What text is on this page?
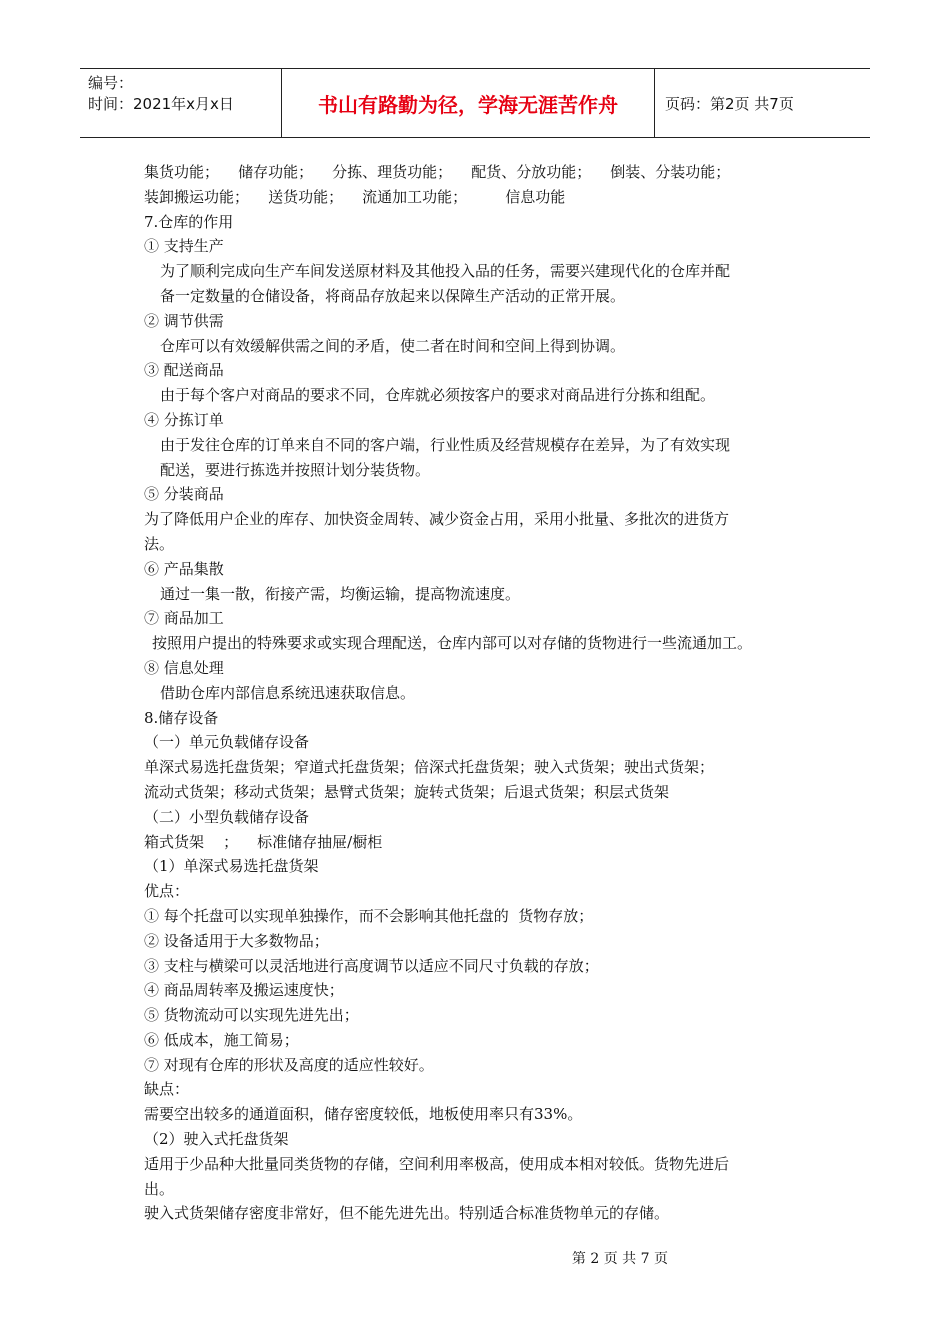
编号：
时间：2021年x月x日	书山有路勤为径，学海无涯苦作舟	页码：第2页 共7页
集货功能；    储存功能；    分拣、理货功能；    配货、分放功能；    倒装、分装功能；
装卸搬运功能；    送货功能；    流通加工功能；        信息功能
7.仓库的作用
① 支持生产
为了顺利完成向生产车间发送原材料及其他投入品的任务，需要兴建现代化的仓库并配
备一定数量的仓储设备，将商品存放起来以保障生产活动的正常开展。
② 调节供需
仓库可以有效缓解供需之间的矛盾，使二者在时间和空间上得到协调。
③ 配送商品
由于每个客户对商品的要求不同，仓库就必须按客户的要求对商品进行分拣和组配。
④ 分拣订单
由于发往仓库的订单来自不同的客户端，行业性质及经营规模存在差异，为了有效实现
配送，要进行拣选并按照计划分装货物。
⑤ 分装商品
为了降低用户企业的库存、加快资金周转、减少资金占用，采用小批量、多批次的进货方
法。
⑥ 产品集散
通过一集一散，衔接产需，均衡运输，提高物流速度。
⑦ 商品加工
按照用户提出的特殊要求或实现合理配送，仓库内部可以对存储的货物进行一些流通加工。
⑧ 信息处理
借助仓库内部信息系统迅速获取信息。
8.储存设备
（一）单元负载储存设备
单深式易选托盘货架；窄道式托盘货架；倍深式托盘货架；驶入式货架；驶出式货架；
流动式货架；移动式货架；悬臂式货架；旋转式货架；后退式货架；积层式货架
（二）小型负载储存设备
箱式货架    ；    标准储存抽屉/橱柜
（1）单深式易选托盘货架
优点：
① 每个托盘可以实现单独操作，而不会影响其他托盘的  货物存放；
② 设备适用于大多数物品；
③ 支柱与横梁可以灵活地进行高度调节以适应不同尺寸负载的存放；
④ 商品周转率及搬运速度快；
⑤ 货物流动可以实现先进先出；
⑥ 低成本，施工简易；
⑦ 对现有仓库的形状及高度的适应性较好。
缺点：
需要空出较多的通道面积，储存密度较低，地板使用率只有33%。
（2）驶入式托盘货架
适用于少品种大批量同类货物的存储，空间利用率极高，使用成本相对较低。货物先进后
出。
驶入式货架储存密度非常好，但不能先进先出。特别适合标准货物单元的存储。
第 2 页 共 7 页
